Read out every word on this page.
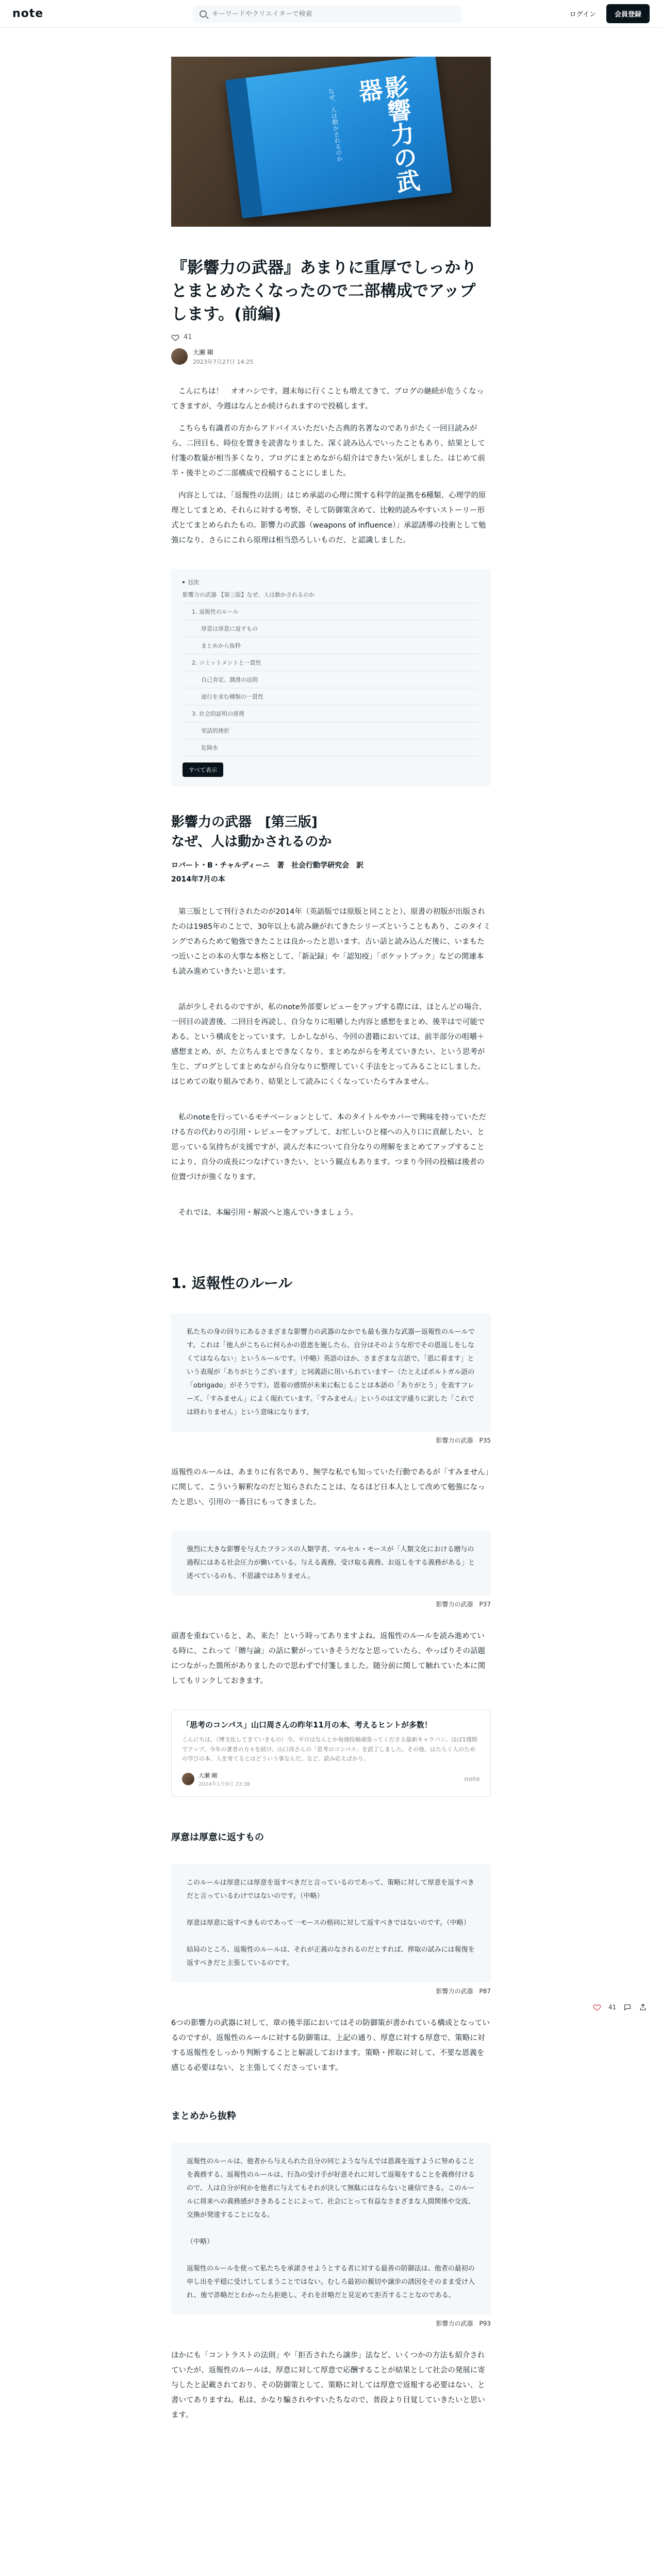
note
キーワードやクリエイターで検索	ログイン	会員登録
影響力の武器
なぜ、人は動かされるのか
『影響力の武器』あまりに重厚でしっかりとまとめたくなったので二部構成でアップします。(前編)
41
大瀬 剛
2023年7月27日 14:25

こんにちは！　オオハシです。週末毎に行くことも増えてきて、ブログの継続が危うくなってきますが、今週はなんとか続けられますので投稿します。

こちらも有識者の方からアドバイスいただいた古典的名著なのでありがたく一回目読みがら、二回目も、時位を置きを読書なりました。深く読み込んでいったこともあり、結果として付箋の数量が相当多くなり、ブログにまとめながら紹介はできたい気がしました。はじめて前半・後半とのご二部構成で投稿することにしました。

内容としては、「返報性の法則」はじめ承認の心理に関する科学的証拠を6種類、心理学的原理としてまとめ、それらに対する考察、そして防御策含めて、比較的読みやすいストーリー形式とてまとめられたもの。影響力の武器（weapons of influence）」承認誘導の技術として勉強になり、さらにこれら原理は相当恐ろしいものだ、と認識しました。

目次
影響力の武器 【第三版】なぜ、人は動かされるのか
1. 返報性のルール
厚意は厚意に返すもの
まとめから抜粋
2. コミットメントと一貫性
自己肯定、潤滑の法則
途行を求む種類の一貫性
3. 社会的証明の原理
実話的挫折
危険水
すべて表示
影響力の武器　[第三版]
なぜ、人は動かされるのか
ロバート・B・チャルディーニ　著　社会行動学研究会　訳
2014年7月の本

第三版として刊行されたのが2014年（英語版では原版と同ことと）、原書の初版が出版されたのは1985年のことで、30年以上も読み継がれてきたシリーズということもあり、このタイミングであらためて勉強できたことは良かったと思います。古い話と読み込んだ後に、いまもたつ近いことの本の大事な本格として、「新記録」や「認知疫」「ポケットブック」などの関連本も読み進めていきたいと思います。

話が少しそれるのですが、私のnote外部要レビューをアップする際には、ほとんどの場合、一回目の読書後、二回目を再読し、自分なりに咀嚼した内容と感想をまとめ、後半はで可能である。という構成をとっています。しかしながら、今回の書籍においては、前半部分の咀嚼＋感想まとめ、が、た立ちんまとできなくなり、まとめながらを考えていきたい、という思考が生じ、ブログとしてまとめながら自分なりに整理していく手法をとってみることにしました。はじめての取り組みであり、結果として読みにくくなっていたらすみません。

私のnoteを行っているモチベーションとして、本のタイトルやカバーで興味を持っていただける方の代わりの引用・レビューをアップして、お忙しいひと様への入り口に貢献したい、と思っている気持ちが支援ですが、読んだ本について自分なりの理解をまとめてアップすることにより、自分の成長につなげていきたい、という観点もあります。つまり今回の投稿は後者の位置づけが強くなります。

それでは、本編引用・解説へと進んでいきましょう。

1. 返報性のルール
私たちの身の回りにあるさまざまな影響力の武器のなかでも最も強力な武器ー返報性のルールです。これは「他人がこちらに何らかの恩恵を施したら、自分はそのような形でその恩返しをしなくてはならない」というルールです。（中略）英語のほか、さまざまな言語で、「恩に着ます」という表現が「ありがとうございます」と同義語に用いられていますー（たとえばポルトガル語の「obrigado」がそうです）。恩着の感情が未来に転じることは本語の「ありがとう」を表すフレーズ、「すみません」によく現れています。「すみません」というのは文字通りに訳した「これでは終わりません」という意味になります。
影響力の武器　P35

返報性のルールは、あまりに有名であり、無学な私でも知っていた行動であるが「すみません」に関して、こういう解釈なのだと知らされたことは、なるほど日本人として改めて勉強になったと思い、引用の一番目にもってきました。

強烈に大きな影響を与えたフランスの人類学者、マルセル・モースが「人類文化における贈与の過程にはある社会圧力が働いている。与える義務、受け取る義務、お返しをする義務がある」と述べているのも、不思議ではありません。
影響力の武器　P37

頭書を重ねていると、あ、来た！という時ってありますよね。返報性のルールを読み進めている時に、これって「贈与論」の話に繋がっていきそうだなと思っていたら、やっぱりその話題につながった箇所がありましたので思わずで付箋しました。随分前に関して触れていた本に関してもリンクしておきます。

「思考のコンパス」山口周さんの昨年11月の本、考えるヒントが多数！
こんにちは、（博文化してきていきもの）今。平日はなんとか毎週投稿頑張ってくださる最新キャラバン。ほぼ1週間でアップ。今年の著者の方々を続け、山口周さんの「思考のコンパス」を読了しました。その他、はたらく人のための学びの本、人を育てるとはどういう事なんだ、など、読み応えばかり。
大瀬 剛
2024年1月9日 23:38
note
厚意は厚意に返すもの
このルールは厚意には厚意を返すべきだと言っているのであって、策略に対して厚意を返すべきだと言っているわけではないのです。（中略）

厚意は厚意に返すべきものであって一モースの格同に対して返すべきではないのです。（中略）

結局のところ、返報性のルールは、それが正義のなされるのだとすれば、搾取の試みには報復を返すべきだと主張しているのです。
影響力の武器　P87

6つの影響力の武器に対して、章の後半部においてはその防御策が書かれている構成となっているのですが、返報性のルールに対する防御策は、上記の通り、厚意に対する厚意で、策略に対する返報性をしっかり判断することと解説しておけます。策略・搾取に対して、不要な恩義を感じる必要はない、と主張してくださっています。

まとめから抜粋
返報性のルールは、他者から与えられた自分の同じような与えでは恩義を返すように努めることを義務する。返報性のルールは、行為の受け手が好意それに対して返報をすることを義務付けるので、人は自分が何かを他者に与えてもそれが決して無駄にはならないと確信できる。このルールに将来への義務感がさきあることによって、社会にとって有益なさまざまな人間関係や交流、交換が発達することになる。

（中略）

返報性のルールを使って私たちを承諾させようとする者に対する最善の防御法は、他者の最初の申し出を平穏に受けしてしまうことではない。むしろ最初の親切や譲歩の誘因をそのまま受け入れ、後で詐略だとわかったら拒絶し、それを計略だと見定めて拒否することなのである。
影響力の武器　P93

ほかにも「コントラストの法則」や「拒否されたら譲歩」法など、いくつかの方法も紹介されていたが、返報性のルールは、厚意に対して厚意で応酬することが結果として社会の発展に寄与したと記載されており、その防御策として、策略に対しては厚意で返報する必要はない、と書いてありますね。私は、かなり騙されやすいたちなので、普段より目覚していきたいと思います。

41
